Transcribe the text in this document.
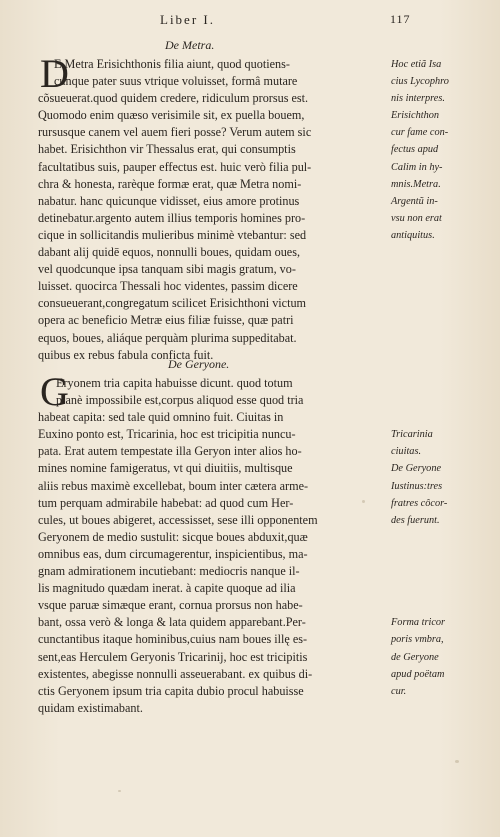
Liber I.	117
De Metra.
D
E Metra Erisichthonis filia aiunt, quod quotiens-
cunque pater suus vtrique voluisset, formâ mutare
cõsueuerat.quod quidem credere, ridiculum prorsus est.
Quomodo enim quæso verisimile sit, ex puella bouem,
rursusque canem vel auem fieri posse? Verum autem sic
habet. Erisichthon vir Thessalus erat, qui consumptis
facultatibus suis, pauper effectus est. huic verò filia pul-
chra & honesta, rarèque formæ erat, quæ Metra nomi-
nabatur. hanc quicunque vidisset, eius amore protinus
detinebatur.argento autem illius temporis homines pro-
cique in sollicitandis mulieribus minimè vtebantur: sed
dabant alij quidē equos, nonnulli boues, quidam oues,
vel quodcunque ipsa tanquam sibi magis gratum, vo-
luisset. quocirca Thessali hoc videntes, passim dicere
consueuerant,congregatum scilicet Erisichthoni victum
opera ac beneficio Metræ eius filiæ fuisse, quæ patri
equos, boues, aliáque perquàm plurima suppeditabat.
quibus ex rebus fabula conficta fuit.
Hoc etiã Isa
cius Lycophro
nis interpres.
Erisichthon
cur fame con-
fectus apud
Calim in hy-
mnis.Metra.
Argentũ in-
vsu non erat
antiquitus.
De Geryone.
G
Eryonem tria capita habuisse dicunt. quod totum
planè impossibile est,corpus aliquod esse quod tria
habeat capita: sed tale quid omnino fuit. Ciuitas in
Euxino ponto est, Tricarinia, hoc est tricipitia nuncu-
pata. Erat autem tempestate illa Geryon inter alios ho-
mines nomine famigeratus, vt qui diuitiis, multisque
aliis rebus maximè excellebat, boum inter cætera arme-
tum perquam admirabile habebat: ad quod cum Her-
cules, ut boues abigeret, accessisset, sese illi opponentem
Geryonem de medio sustulit: sicque boues abduxit,quæ
omnibus eas, dum circumagerentur, inspicientibus, ma-
gnam admirationem incutiebant: mediocris nanque il-
lis magnitudo quædam inerat. à capite quoque ad ilia
vsque paruæ simæque erant, cornua prorsus non habe-
bant, ossa verò & longa & lata quidem apparebant.Per-
cunctantibus itaque hominibus,cuius nam boues illę es-
sent,eas Herculem Geryonis Tricarinij, hoc est tricipitis
existentes, abegisse nonnulli asseuerabant. ex quibus di-
ctis Geryonem ipsum tria capita dubio procul habuisse
quidam existimabant.
Tricarinia
ciuitas.
De Geryone
Iustinus:tres
fratres côcor-
des fuerunt.
Forma tricor
poris vmbra,
de Geryone
apud poëtam
cur.
